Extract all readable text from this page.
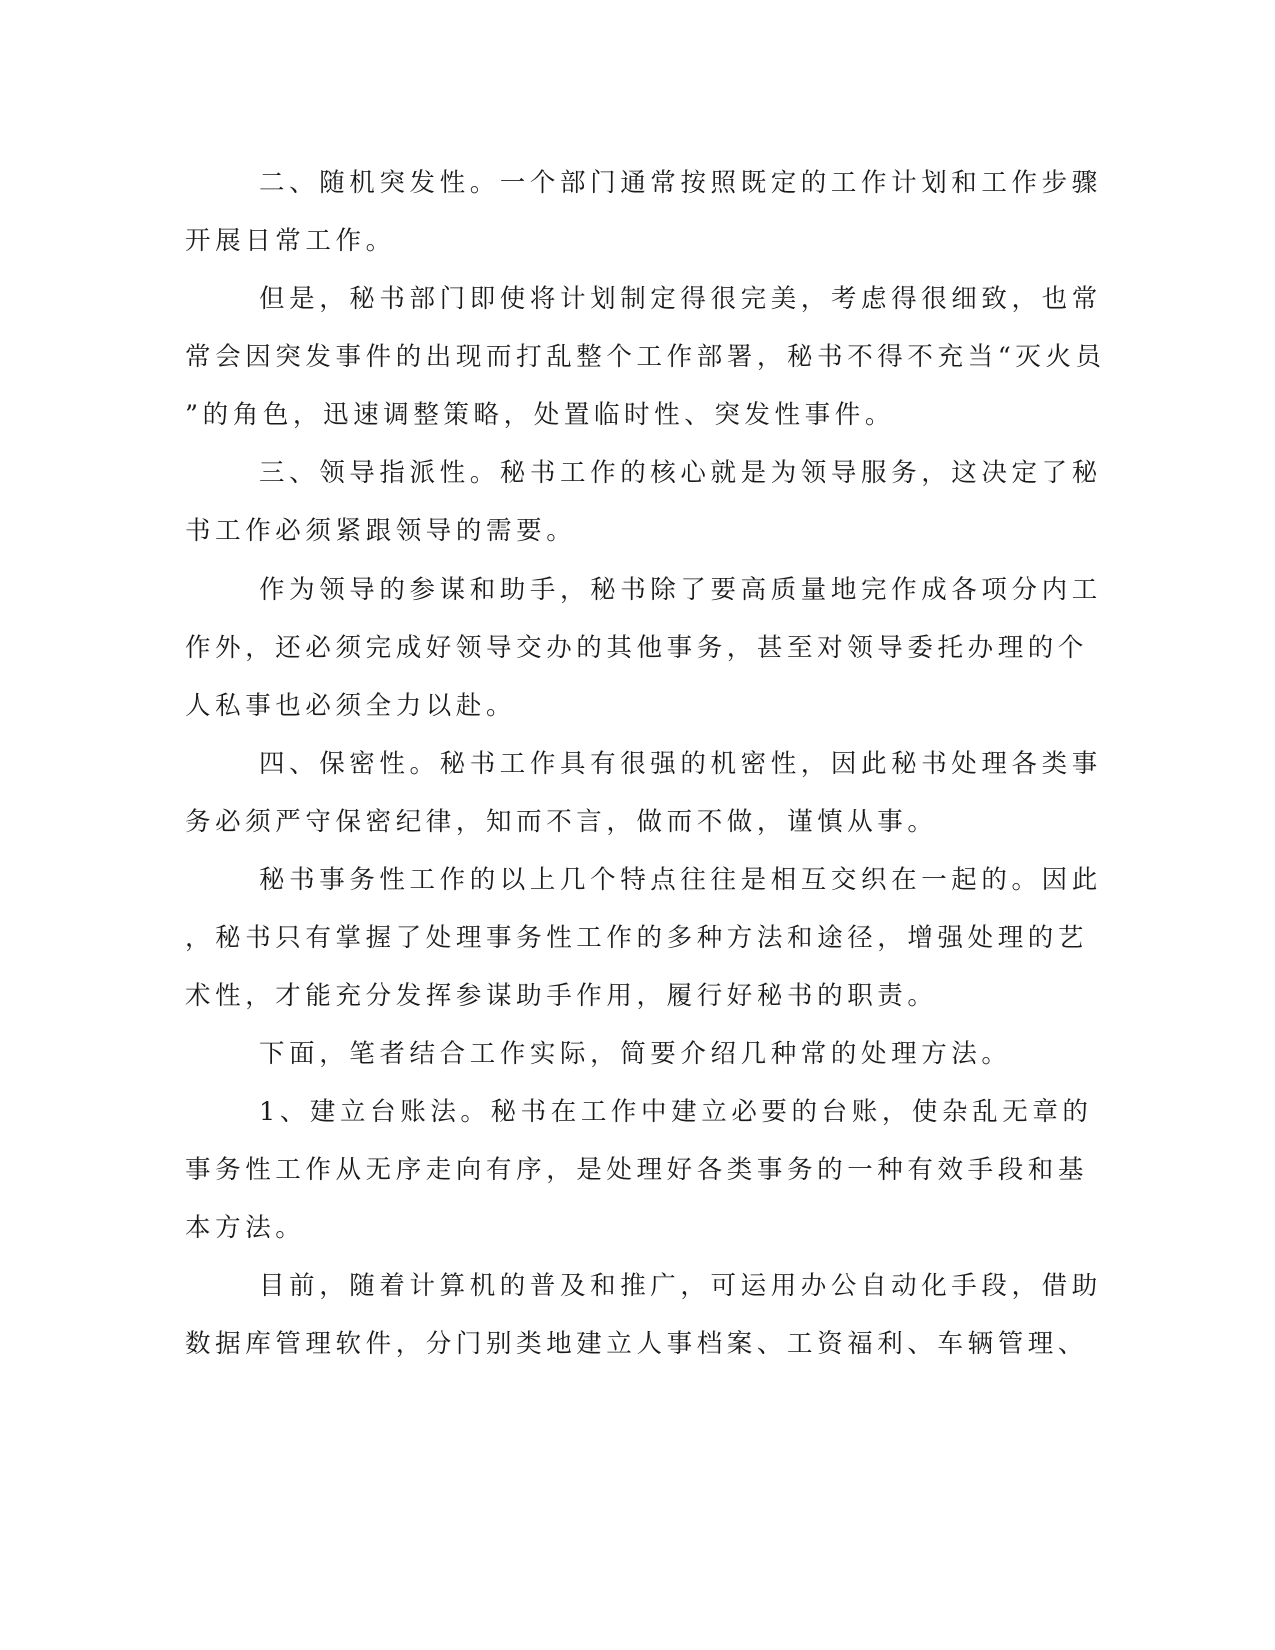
二、随机突发性。一个部门通常按照既定的工作计划和工作步骤
开展日常工作。
但是，秘书部门即使将计划制定得很完美，考虑得很细致，也常
常会因突发事件的出现而打乱整个工作部署，秘书不得不充当“灭火员
”的角色，迅速调整策略，处置临时性、突发性事件。
三、领导指派性。秘书工作的核心就是为领导服务，这决定了秘
书工作必须紧跟领导的需要。
作为领导的参谋和助手，秘书除了要高质量地完作成各项分内工
作外，还必须完成好领导交办的其他事务，甚至对领导委托办理的个
人私事也必须全力以赴。
四、保密性。秘书工作具有很强的机密性，因此秘书处理各类事
务必须严守保密纪律，知而不言，做而不做，谨慎从事。
秘书事务性工作的以上几个特点往往是相互交织在一起的。因此
，秘书只有掌握了处理事务性工作的多种方法和途径，增强处理的艺
术性，才能充分发挥参谋助手作用，履行好秘书的职责。
下面，笔者结合工作实际，简要介绍几种常的处理方法。
1、建立台账法。秘书在工作中建立必要的台账，使杂乱无章的
事务性工作从无序走向有序，是处理好各类事务的一种有效手段和基
本方法。
目前，随着计算机的普及和推广，可运用办公自动化手段，借助
数据库管理软件，分门别类地建立人事档案、工资福利、车辆管理、
